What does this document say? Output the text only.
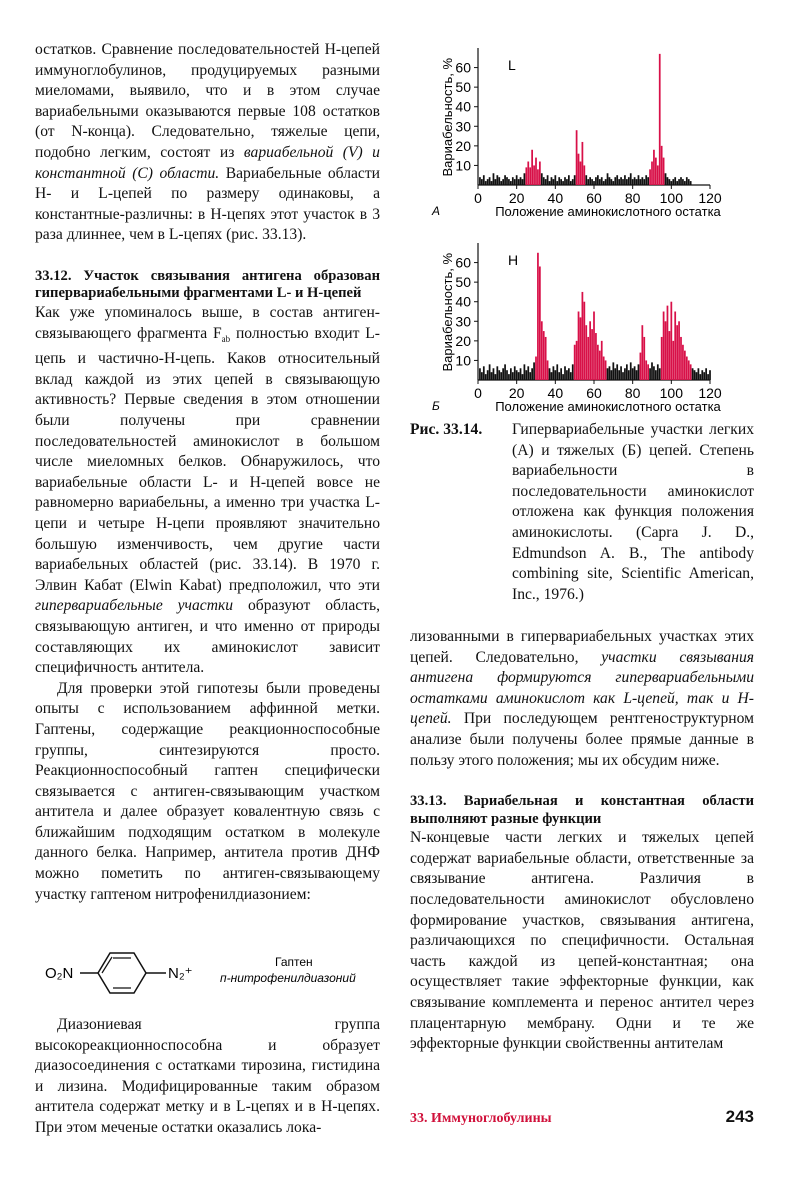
остатков. Сравнение последовательностей Н-цепей иммуноглобулинов, продуцируемых разными миеломами, выявило, что и в этом случае вариабельными оказываются первые 108 остатков (от N-конца). Следовательно, тяжелые цепи, подобно легким, состоят из вариабельной (V) и константной (C) области. Вариабельные области Н- и L-цепей по размеру одинаковы, а константные-различны: в Н-цепях этот участок в 3 раза длиннее, чем в L-цепях (рис. 33.13).

33.12. Участок связывания антигена образован гипервариабельными фрагментами L- и Н-цепей

Как уже упоминалось выше, в состав антиген-связывающего фрагмента $F_{ab}$ полностью входит L-цепь и частично-Н-цепь. Каков относительный вклад каждой из этих цепей в связывающую активность? Первые сведения в этом отношении были получены при сравнении последовательностей аминокислот в большом числе миеломных белков. Обнаружилось, что вариабельные области L- и Н-цепей вовсе не равномерно вариабельны, а именно три участка L-цепи и четыре Н-цепи проявляют значительно большую изменчивость, чем другие части вариабельных областей (рис. 33.14). В 1970 г. Элвин Кабат (Elwin Kabat) предположил, что эти гипервариабельные участки образуют область, связывающую антиген, и что именно от природы составляющих их аминокислот зависит специфичность антитела.

Для проверки этой гипотезы были проведены опыты с использованием аффинной метки. Гаптены, содержащие реакционноспособные группы, синтезируются просто. Реакционноспособный гаптен специфически связывается с антиген-связывающим участком антитела и далее образует ковалентную связь с ближайшим подходящим остатком в молекуле данного белка. Например, антитела против ДНФ можно пометить по антиген-связывающему участку гаптеном нитрофенилдиазонием:

O₂N	N₂⁺
Гаптен
п-нитрофенилдиазоний

Диазониевая группа высокореакционноспособна и образует диазосоединения с остатками тирозина, гистидина и лизина. Модифицированные таким образом антитела содержат метку и в L-цепях и в Н-цепях. При этом меченые остатки оказались лока-

10
20
30
40
50
60
0 20 40 60 80 100 120
L
Вариабельность, %
А	Положение аминокислотного остатка
10
20
30
40
50
60
0 20 40 60 80 100 120
H
Вариабельность, %
Б	Положение аминокислотного остатка
Рис. 33.14.	Гипервариабельные участки легких (А) и тяжелых (Б) цепей. Степень вариабельности в последовательности аминокислот отложена как функция положения аминокислоты. (Capra J. D., Edmundson A. B., The antibody combining site, Scientific American, Inc., 1976.)

лизованными в гипервариабельных участках этих цепей. Следовательно, участки связывания антигена формируются гипервариабельными остатками аминокислот как L-цепей, так и Н-цепей. При последующем рентгеноструктурном анализе были получены более прямые данные в пользу этого положения; мы их обсудим ниже.

33.13. Вариабельная и константная области выполняют разные функции

N-концевые части легких и тяжелых цепей содержат вариабельные области, ответственные за связывание антигена. Различия в последовательности аминокислот обусловлено формирование участков, связывания антигена, различающихся по специфичности. Остальная часть каждой из цепей-константная; она осуществляет такие эффекторные функции, как связывание комплемента и перенос антител через плацентарную мембрану. Одни и те же эффекторные функции свойственны антителам

33. Иммуноглобулины	243
